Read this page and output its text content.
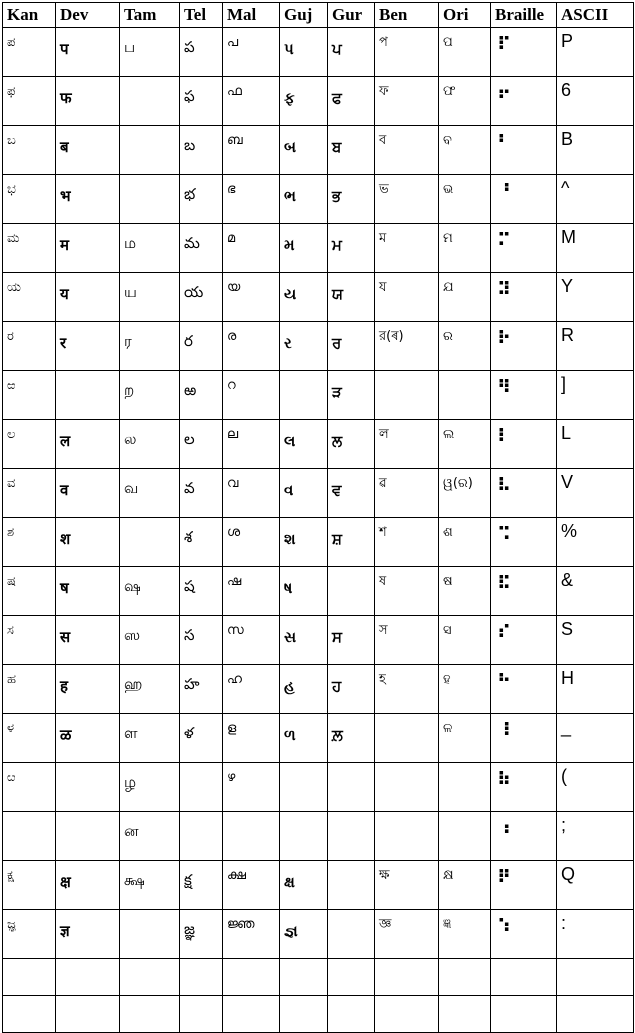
Kan	Dev	Tam	Tel	Mal	Guj	Gur	Ben	Ori	Braille	ASCII
ಪ	प	ப	ప	പ	પ	ਪ	প	ପ	⠏	P
ಫ	फ		ఫ	ഫ	ફ	ਫ	ফ	ଫ	⠖	6
ಬ	ब		బ	ബ	બ	ਬ	ব	ବ	⠃	B
ಭ	भ		భ	ഭ	ભ	ਭ	ভ	ଭ	⠘	^
ಮ	म	ம	మ	മ	મ	ਮ	ম	ମ	⠍	M
ಯ	य	ய	య	യ	ય	ਯ	য	ଯ	⠽	Y
ರ	र	ர	ర	ര	ર	ਰ	র(ৰ)	ର	⠗	R
ಱ		ற	ఱ	റ		ੜ			⠻	]
ಲ	ल	ல	ల	ല	લ	ਲ	ল	ଲ	⠇	L
ವ	व	வ	వ	വ	વ	ਵ	ৱ	ୱ(ର)	⠧	V
ಶ	श		శ	ശ	શ	ਸ਼	শ	ଶ	⠩	%
ಷ	ष	ஷ	ష	ഷ	ષ		ষ	ଷ	⠯	&
ಸ	स	ஸ	స	സ	સ	ਸ	স	ସ	⠎	S
ಹ	ह	ஹ	హ	ഹ	હ	ਹ	হ	ହ	⠓	H
ಳ	ळ	ள	ళ	ള	ળ	ਲ਼		ଳ	⠸	_
ೞ		ழ		ഴ					⠷	(
		ன							⠰	;
ಕ್ಷ	क्ष	க்ஷ	క్ష	ക്ഷ	ક્ષ		ক্ষ	କ୍ଷ	⠟	Q
ಜ್ಞ	ज्ञ		జ్ఞ	ജ്ഞ	જ્ઞ		জ্ঞ	ଜ୍ଞ	⠱	:
